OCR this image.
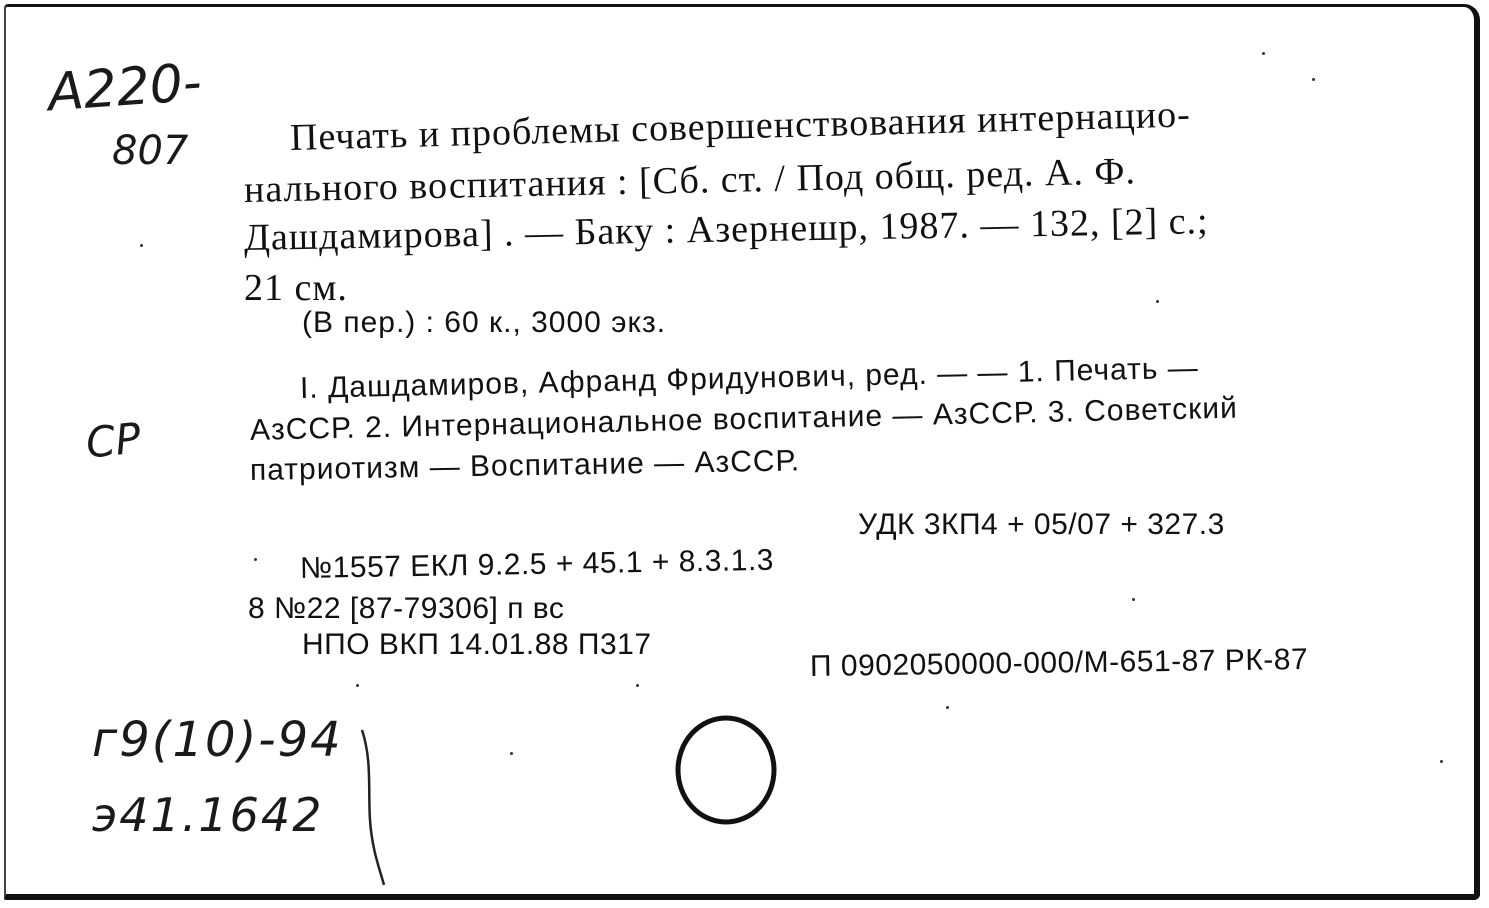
А220-
807	Печать и проблемы совершенствования интернацио-
нального воспитания : [Сб. ст. / Под общ. ред. А. Ф.
Дашдамирова] . — Баку : Азернешр, 1987. — 132, [2] с.;
21 см.
(В пер.) : 60 к., 3000 экз.
СР
I. Дашдамиров, Афранд Фридунович, ред. — — 1. Печать —
АзССР. 2. Интернациональное воспитание — АзССР. 3. Советский
патриотизм — Воспитание — АзССР.
УДК 3КП4 + 05/07 + 327.3
№1557 ЕКЛ 9.2.5 + 45.1 + 8.3.1.3
8 №22 [87-79306] п вс
НПО ВКП 14.01.88 П317	П 0902050000-000/М-651-87 РК-87
г9(10)-94
э41.1642
